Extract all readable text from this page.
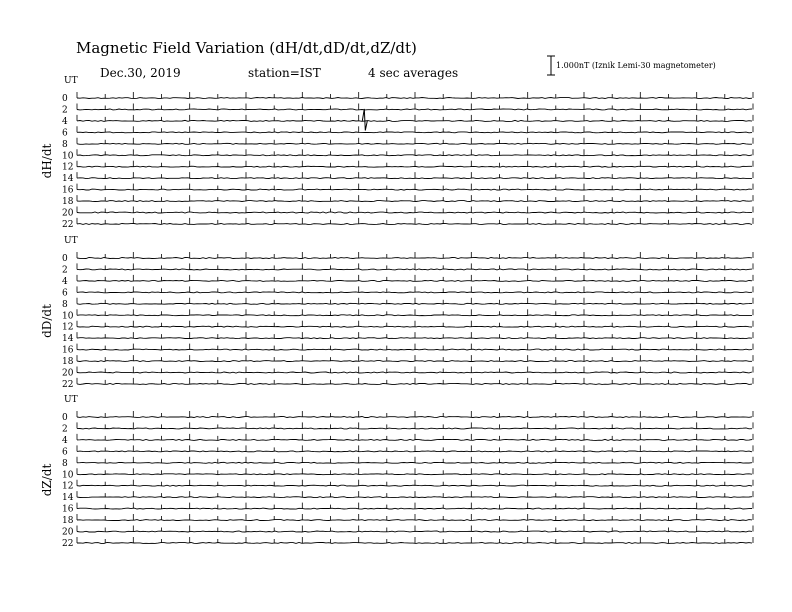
Magnetic Field Variation (dH/dt,dD/dt,dZ/dt)
Dec.30, 2019	station=IST	4 sec averages
1.000nT (Iznik Lemi-30 magnetometer)
UT
dH/dt
0
2
4
6
8
10
12
14
16
18
20
22
UT
dD/dt
0
2
4
6
8
10
12
14
16
18
20
22
UT
dZ/dt
0
2
4
6
8
10
12
14
16
18
20
22
